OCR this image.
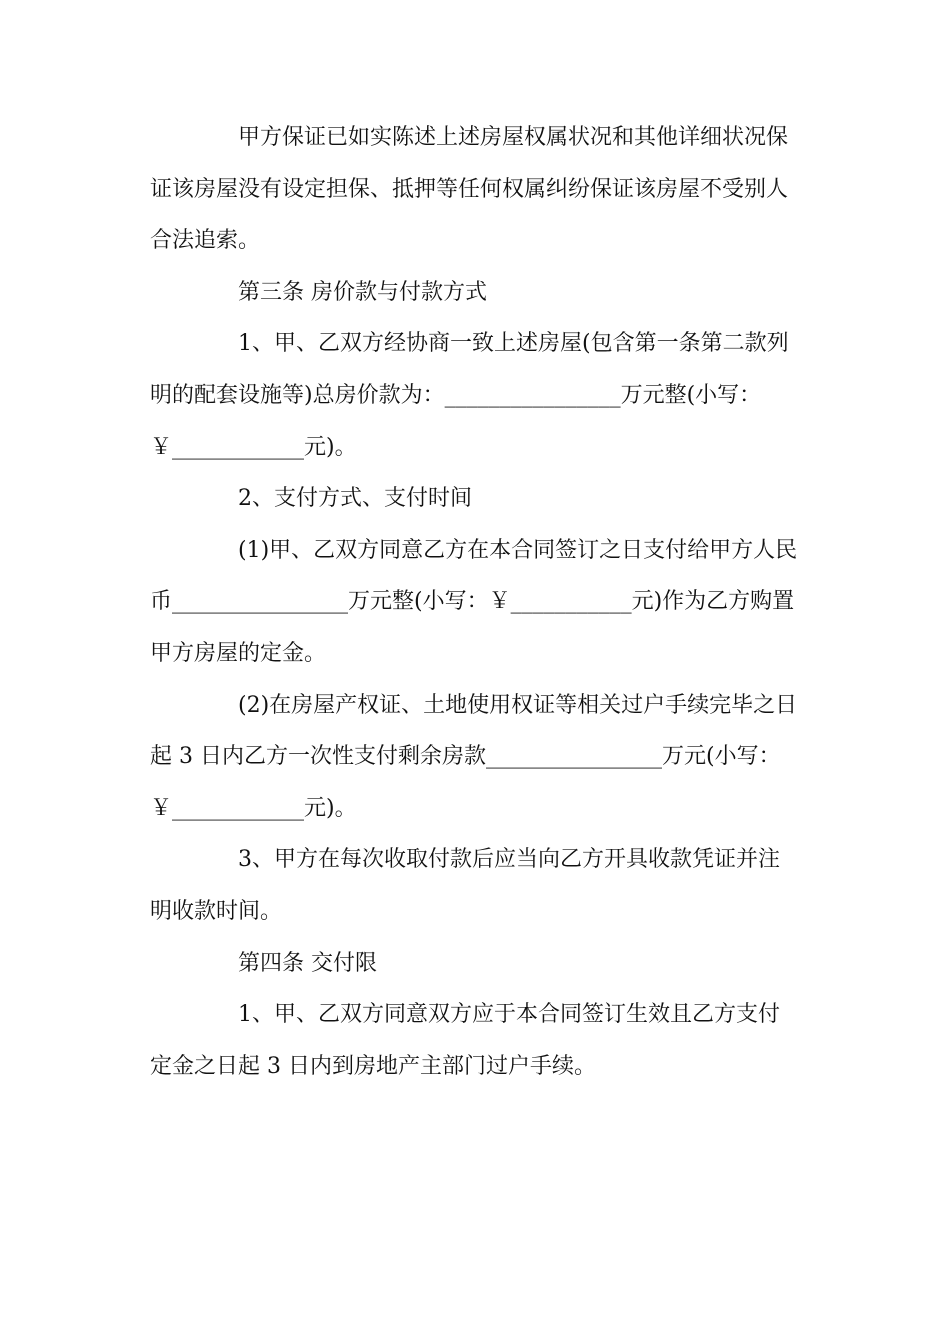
甲方保证已如实陈述上述房屋权属状况和其他详细状况保
证该房屋没有设定担保、抵押等任何权属纠纷保证该房屋不受别人
合法追索。
第三条 房价款与付款方式
1、甲、乙双方经协商一致上述房屋(包含第一条第二款列
明的配套设施等)总房价款为：________________万元整(小写：
￥____________元)。
2、支付方式、支付时间
(1)甲、乙双方同意乙方在本合同签订之日支付给甲方人民
币________________万元整(小写：￥___________元)作为乙方购置
甲方房屋的定金。
(2)在房屋产权证、土地使用权证等相关过户手续完毕之日
起 3 日内乙方一次性支付剩余房款________________万元(小写：
￥____________元)。
3、甲方在每次收取付款后应当向乙方开具收款凭证并注
明收款时间。
第四条 交付限
1、甲、乙双方同意双方应于本合同签订生效且乙方支付
定金之日起 3 日内到房地产主部门过户手续。
